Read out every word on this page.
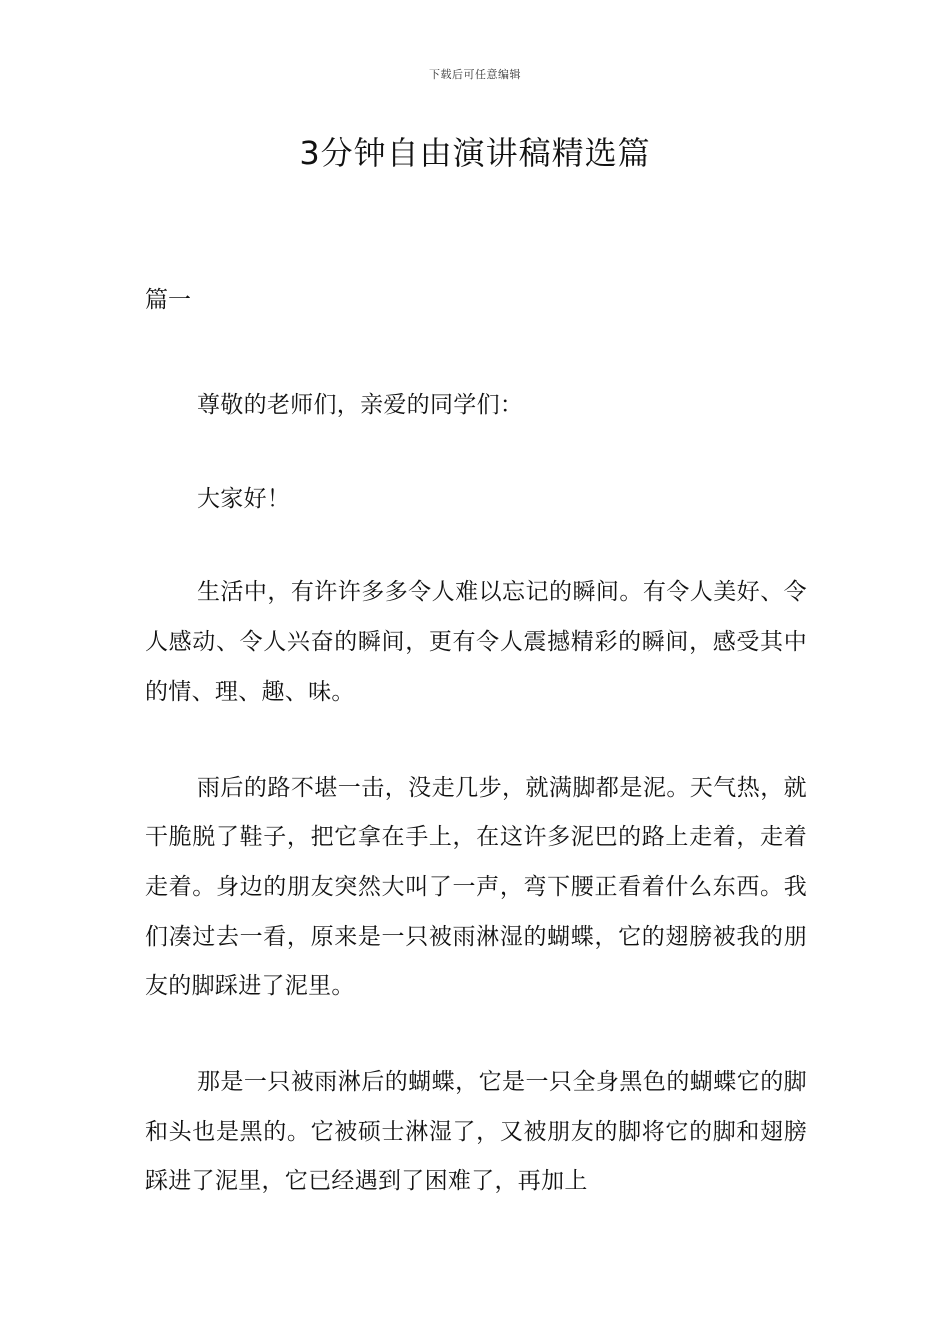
下载后可任意编辑
3分钟自由演讲稿精选篇
篇一

尊敬的老师们，亲爱的同学们：

大家好！

生活中，有许许多多令人难以忘记的瞬间。有令人美好、令人感动、令人兴奋的瞬间，更有令人震撼精彩的瞬间，感受其中的情、理、趣、味。

雨后的路不堪一击，没走几步，就满脚都是泥。天气热，就干脆脱了鞋子，把它拿在手上，在这许多泥巴的路上走着，走着走着。身边的朋友突然大叫了一声，弯下腰正看着什么东西。我们凑过去一看，原来是一只被雨淋湿的蝴蝶，它的翅膀被我的朋友的脚踩进了泥里。

那是一只被雨淋后的蝴蝶，它是一只全身黑色的蝴蝶它的脚和头也是黑的。它被硕士淋湿了，又被朋友的脚将它的脚和翅膀踩进了泥里，它已经遇到了困难了，再加上
